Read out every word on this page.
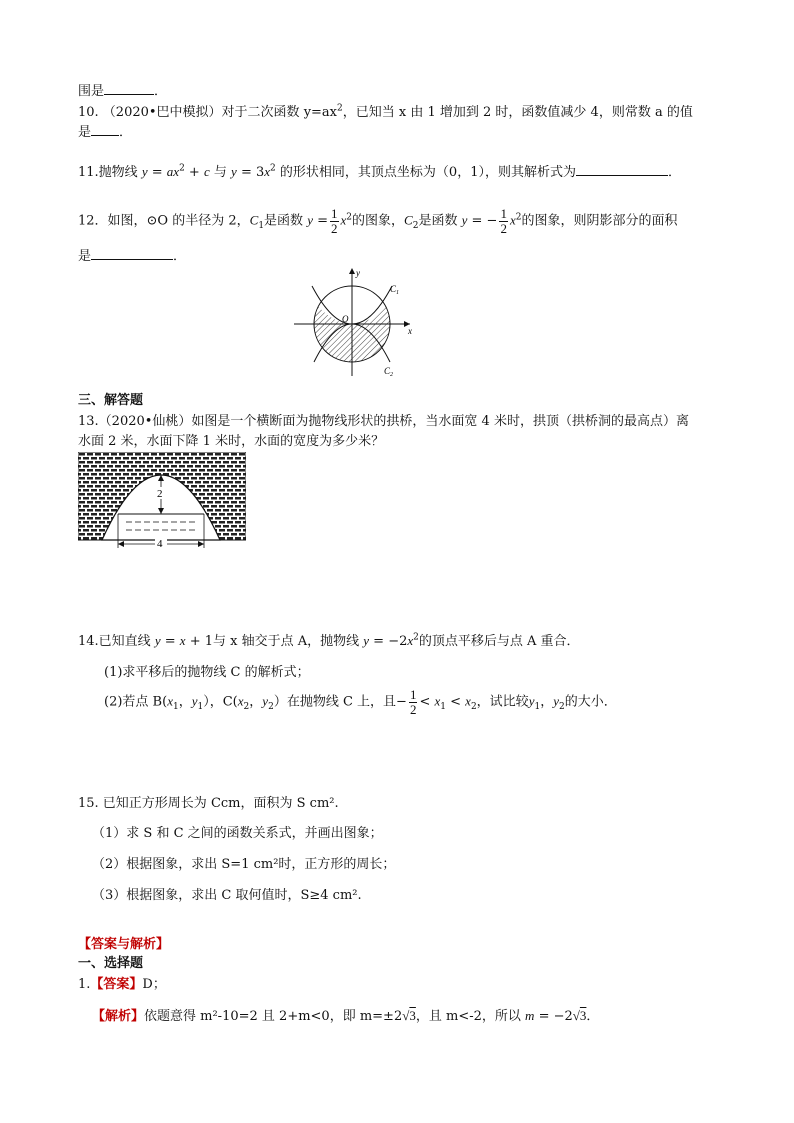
围是	．
10. （2020•巴中模拟）对于二次函数 $y=ax^2$，已知当 x 由 1 增加到 2 时，函数值减少 4，则常数 a 的值
是 ．
11.抛物线 $y = ax^2 + c$ 与 $y = 3x^2$ 的形状相同，其顶点坐标为（0，1），则其解析式为	．
12．如图，⊙O 的半径为 2，$C_1$是函数 $y = \frac{1}{2} x^2$的图象，$C_2$是函数 y = − $\frac{1}{2} x^2$的图象，则阴影部分的面积
是	．
y
x
O
$C_1$
$C_2$
三、解答题
13.（2020•仙桃）如图是一个横断面为抛物线形状的拱桥，当水面宽 4 米时，拱顶（拱桥洞的最高点）离
水面 2 米，水面下降 1 米时，水面的宽度为多少米？
2
4
14.已知直线 y = x + 1与 x 轴交于点 A，抛物线 $y = -2x^2$的顶点平移后与点 A 重合．
(1)求平移后的抛物线 C 的解析式；
(2)若点 $B(x_1$，$y_1$），$C(x_2$，$y_2$）在抛物线 C 上，且− $\frac{1}{2} < x_1 < x_2$，试比较$y_1$，$y_2$的大小．
15. 已知正方形周长为 Ccm，面积为 S cm².
（1）求 S 和 C 之间的函数关系式，并画出图象；
（2）根据图象，求出 S=1 cm²时，正方形的周长；
（3）根据图象，求出 C 取何值时，S≥4 cm².
【答案与解析】
一、选择题
1.【答案】D；
【解析】依题意得 m²-10=2 且 2+m<0，即 m=±2√3，且 m<-2，所以 m = −2√3．
